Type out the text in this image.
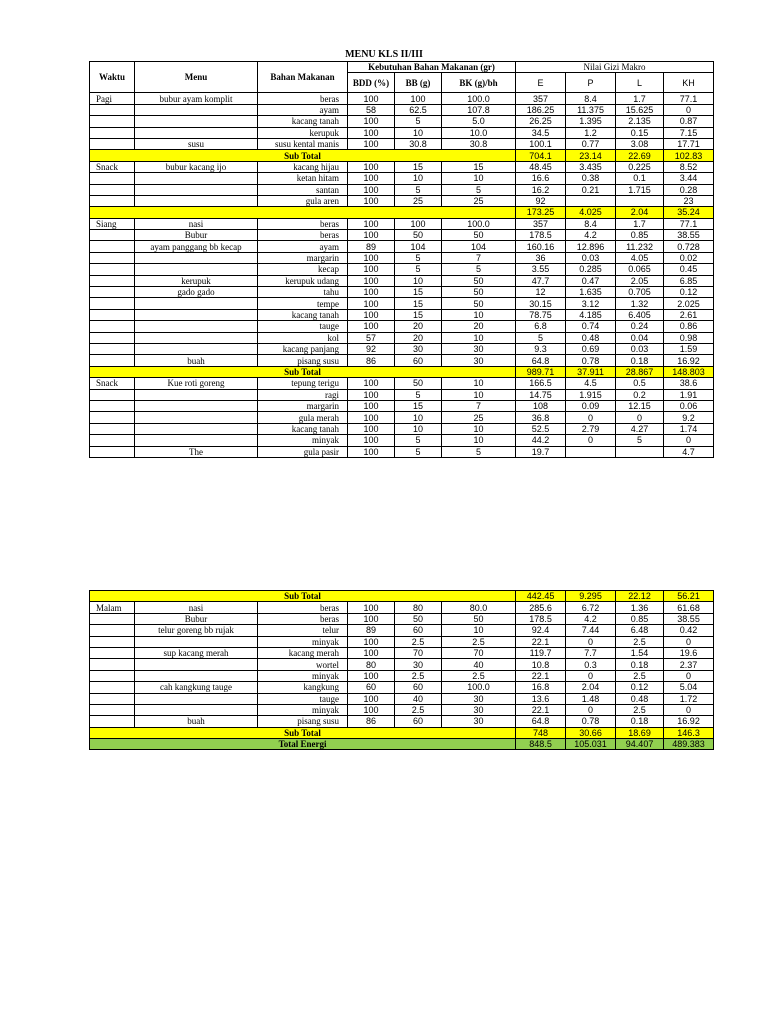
MENU KLS II/III
Waktu	Menu	Bahan Makanan	Kebutuhan Bahan Makanan (gr)			Nilai Gizi Makro			
			BDD (%)	BB (g)	BK (g)/bh	E	P	L	KH
Pagi	bubur ayam komplit	beras	100	100	100.0	357	8.4	1.7	77.1
		ayam	58	62.5	107.8	186.25	11.375	15.625	0
		kacang tanah	100	5	5.0	26.25	1.395	2.135	0.87
		kerupuk	100	10	10.0	34.5	1.2	0.15	7.15
	susu	susu kental manis	100	30.8	30.8	100.1	0.77	3.08	17.71
Sub Total						704.1	23.14	22.69	102.83
Snack	bubur kacang ijo	kacang hijau	100	15	15	48.45	3.435	0.225	8.52
		ketan hitam	100	10	10	16.6	0.38	0.1	3.44
		santan	100	5	5	16.2	0.21	1.715	0.28
		gula aren	100	25	25	92			23
						173.25	4.025	2.04	35.24
Siang	nasi	beras	100	100	100.0	357	8.4	1.7	77.1
	Bubur	beras	100	50	50	178.5	4.2	0.85	38.55
	ayam panggang bb kecap	ayam	89	104	104	160.16	12.896	11.232	0.728
		margarin	100	5	7	36	0.03	4.05	0.02
		kecap	100	5	5	3.55	0.285	0.065	0.45
	kerupuk	kerupuk udang	100	10	50	47.7	0.47	2.05	6.85
	gado gado	tahu	100	15	50	12	1.635	0.705	0.12
		tempe	100	15	50	30.15	3.12	1.32	2.025
		kacang tanah	100	15	10	78.75	4.185	6.405	2.61
		tauge	100	20	20	6.8	0.74	0.24	0.86
		kol	57	20	10	5	0.48	0.04	0.98
		kacang panjang	92	30	30	9.3	0.69	0.03	1.59
	buah	pisang susu	86	60	30	64.8	0.78	0.18	16.92
Sub Total						989.71	37.911	28.867	148.803
Snack	Kue roti goreng	tepung terigu	100	50	10	166.5	4.5	0.5	38.6
		ragi	100	5	10	14.75	1.915	0.2	1.91
		margarin	100	15	7	108	0.09	12.15	0.06
		gula merah	100	10	25	36.8	0	0	9.2
		kacang tanah	100	10	10	52.5	2.79	4.27	1.74
		minyak	100	5	10	44.2	0	5	0
	The	gula pasir	100	5	5	19.7			4.7
Sub Total						442.45	9.295	22.12	56.21
Malam	nasi	beras	100	80	80.0	285.6	6.72	1.36	61.68
	Bubur	beras	100	50	50	178.5	4.2	0.85	38.55
	telur goreng bb rujak	telur	89	60	10	92.4	7.44	6.48	0.42
		minyak	100	2.5	2.5	22.1	0	2.5	0
	sup kacang merah	kacang merah	100	70	70	119.7	7.7	1.54	19.6
		wortel	80	30	40	10.8	0.3	0.18	2.37
		minyak	100	2.5	2.5	22.1	0	2.5	0
	cah kangkung tauge	kangkung	60	60	100.0	16.8	2.04	0.12	5.04
		tauge	100	40	30	13.6	1.48	0.48	1.72
		minyak	100	2.5	30	22.1	0	2.5	0
	buah	pisang susu	86	60	30	64.8	0.78	0.18	16.92
Sub Total						748	30.66	18.69	146.3
Total Energi						848.5	105.031	94.407	489.383
